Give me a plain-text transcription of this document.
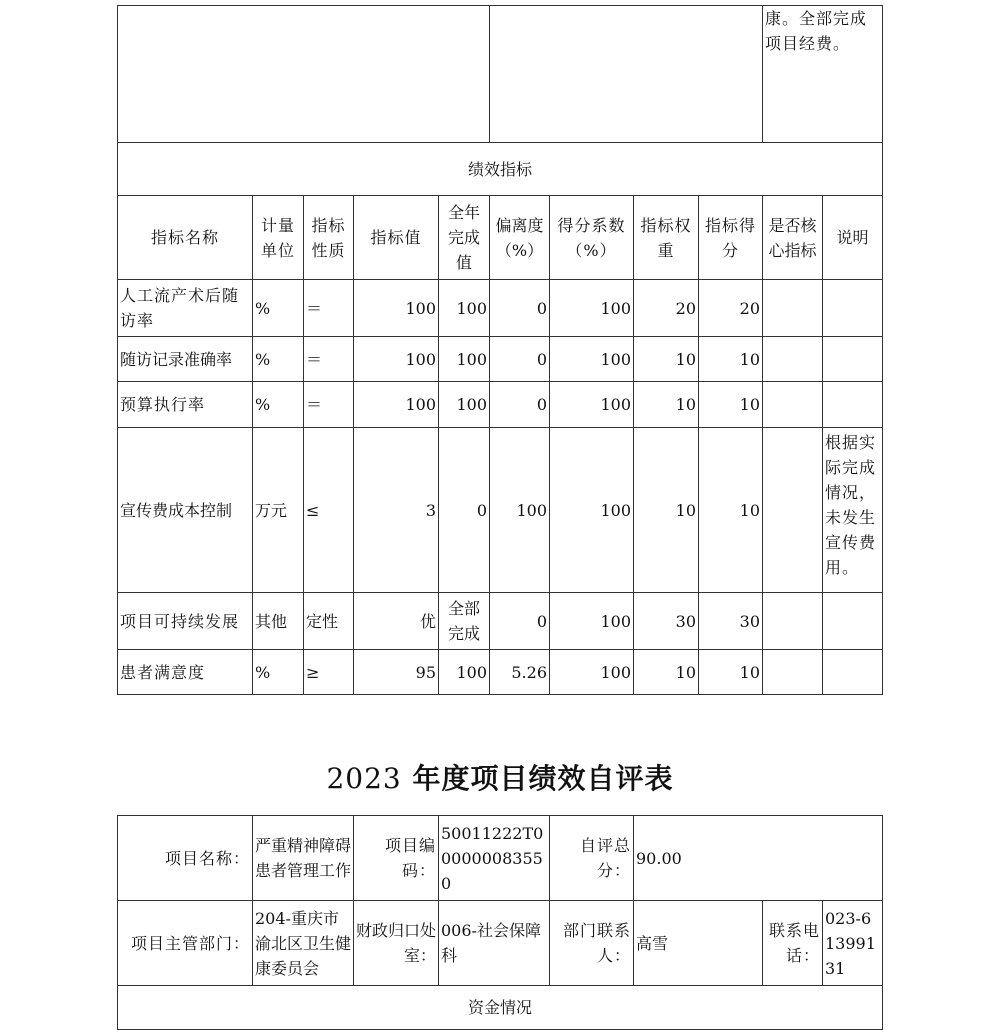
									康。全部完成项目经费。	
绩效指标										
指标名称	计量单位	指标性质	指标值	全年完成值	偏离度（%）	得分系数（%）	指标权重	指标得分	是否核心指标	说明
人工流产术后随访率	%	＝	100	100	0	100	20	20		
随访记录准确率	%	＝	100	100	0	100	10	10		
预算执行率	%	＝	100	100	0	100	10	10		
宣传费成本控制	万元	≤	3	0	100	100	10	10		根据实际完成情况，未发生宣传费用。
项目可持续发展	其他	定性	优	全部完成	0	100	30	30		
患者满意度	%	≥	95	100	5.26	100	10	10		
2023 年度项目绩效自评表
项目名称：	严重精神障碍患者管理工作	项目编码：	50011222T000000083550	自评总分：	90.00		
项目主管部门：	204-重庆市渝北区卫生健康委员会	财政归口处室：	006-社会保障科	部门联系人：	高雪	联系电话：	023-61399131
资金情况							
